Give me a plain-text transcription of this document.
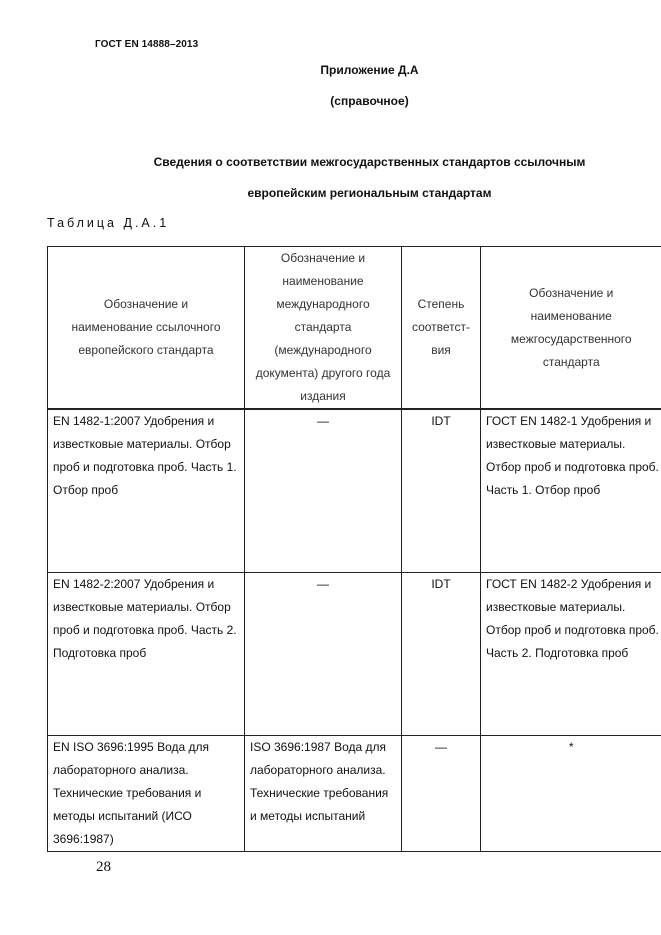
ГОСТ EN 14888–2013
Приложение Д.А
(справочное)
Сведения о соответствии межгосударственных стандартов ссылочным
европейским региональным стандартам
Таблица Д.А.1
Обозначение и наименование ссылочного европейского стандарта	Обозначение и наименование международного стандарта (международного документа) другого года издания	Степень соответст-вия	Обозначение и наименование межгосударственного стандарта
EN 1482-1:2007 Удобрения и известковые материалы. Отбор проб и подготовка проб. Часть 1. Отбор проб	—	IDT	ГОСТ EN 1482-1 Удобрения и известковые материалы. Отбор проб и подготовка проб. Часть 1. Отбор проб
EN 1482-2:2007 Удобрения и известковые материалы. Отбор проб и подготовка проб. Часть 2. Подготовка проб	—	IDT	ГОСТ EN 1482-2 Удобрения и известковые материалы. Отбор проб и подготовка проб. Часть 2. Подготовка проб
EN ISO 3696:1995 Вода для лабораторного анализа. Технические требования и методы испытаний (ИСО 3696:1987)	ISO 3696:1987 Вода для лабораторного анализа. Технические требования и методы испытаний	—	*
28
